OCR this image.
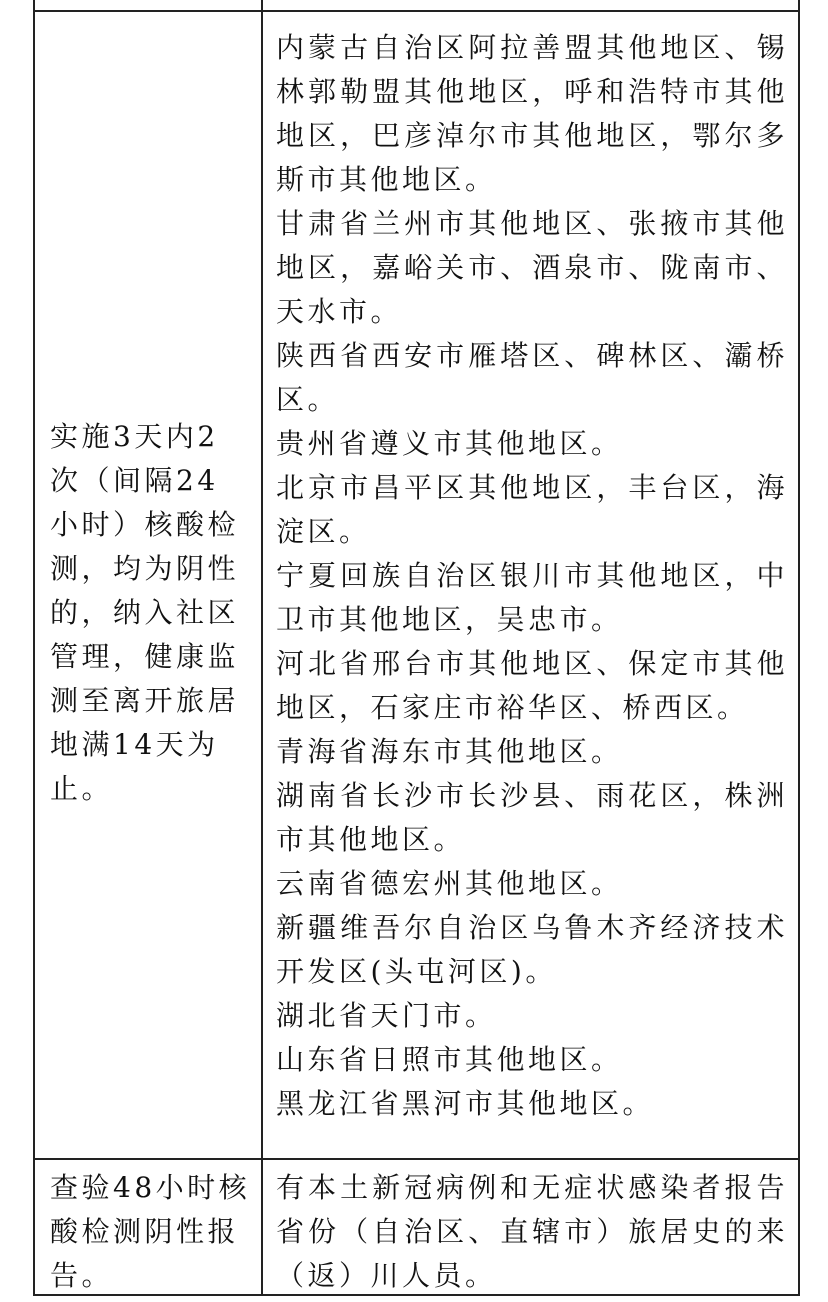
实施3天内2次（间隔24小时）核酸检测，均为阴性的，纳入社区管理，健康监测至离开旅居地满14天为止。
内蒙古自治区阿拉善盟其他地区、锡林郭勒盟其他地区，呼和浩特市其他地区，巴彦淖尔市其他地区，鄂尔多斯市其他地区。
甘肃省兰州市其他地区、张掖市其他地区，嘉峪关市、酒泉市、陇南市、天水市。
陕西省西安市雁塔区、碑林区、灞桥区。
贵州省遵义市其他地区。
北京市昌平区其他地区，丰台区，海淀区。
宁夏回族自治区银川市其他地区，中卫市其他地区，吴忠市。
河北省邢台市其他地区、保定市其他地区，石家庄市裕华区、桥西区。
青海省海东市其他地区。
湖南省长沙市长沙县、雨花区，株洲市其他地区。
云南省德宏州其他地区。
新疆维吾尔自治区乌鲁木齐经济技术开发区(头屯河区)。
湖北省天门市。
山东省日照市其他地区。
黑龙江省黑河市其他地区。
查验48小时核酸检测阴性报告。
有本土新冠病例和无症状感染者报告省份（自治区、直辖市）旅居史的来（返）川人员。
